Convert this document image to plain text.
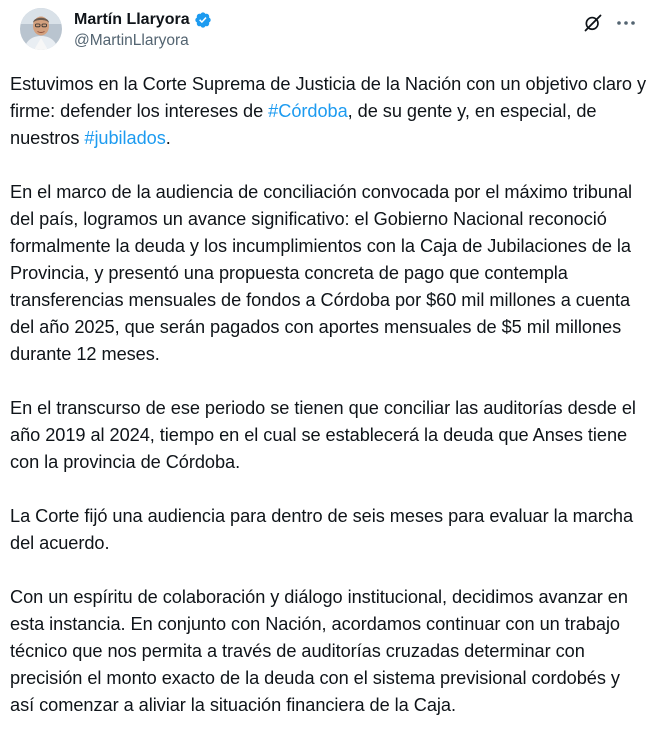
Martín Llaryora
@MartinLlaryora

Estuvimos en la Corte Suprema de Justicia de la Nación con un objetivo claro y firme: defender los intereses de #Córdoba, de su gente y, en especial, de nuestros #jubilados.

En el marco de la audiencia de conciliación convocada por el máximo tribunal del país, logramos un avance significativo: el Gobierno Nacional reconoció formalmente la deuda y los incumplimientos con la Caja de Jubilaciones de la Provincia, y presentó una propuesta concreta de pago que contempla transferencias mensuales de fondos a Córdoba por $60 mil millones a cuenta del año 2025, que serán pagados con aportes mensuales de $5 mil millones durante 12 meses.

En el transcurso de ese periodo se tienen que conciliar las auditorías desde el año 2019 al 2024, tiempo en el cual se establecerá la deuda que Anses tiene con la provincia de Córdoba.

La Corte fijó una audiencia para dentro de seis meses para evaluar la marcha del acuerdo.

Con un espíritu de colaboración y diálogo institucional, decidimos avanzar en esta instancia. En conjunto con Nación, acordamos continuar con un trabajo técnico que nos permita a través de auditorías cruzadas determinar con precisión el monto exacto de la deuda con el sistema previsional cordobés y así comenzar a aliviar la situación financiera de la Caja.
